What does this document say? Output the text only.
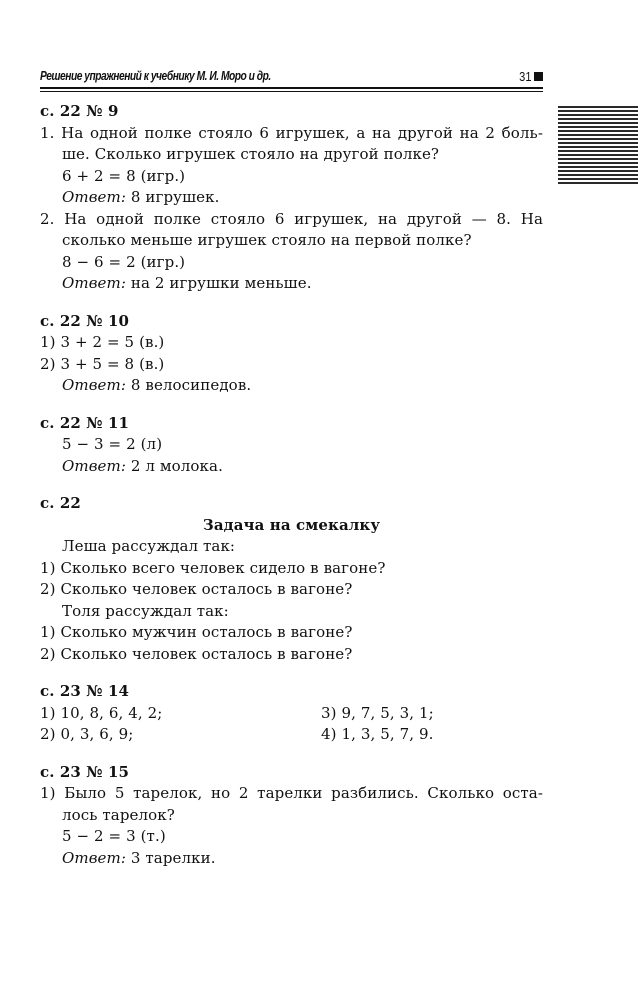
Решение упражнений к учебнику М. И. Моро и др.	31
с. 22 № 9
1. На одной полке стояло 6 игрушек, а на другой на 2 боль-
ше. Сколько игрушек стояло на другой полке?
6 + 2 = 8 (игр.)
Ответ: 8 игрушек.
2. На одной полке стояло 6 игрушек, на другой — 8. На
сколько меньше игрушек стояло на первой полке?
8 − 6 = 2 (игр.)
Ответ: на 2 игрушки меньше.
с. 22 № 10
1) 3 + 2 = 5 (в.)
2) 3 + 5 = 8 (в.)
Ответ: 8 велосипедов.
с. 22 № 11
5 − 3 = 2 (л)
Ответ: 2 л молока.
с. 22
Задача на смекалку
Леша рассуждал так:
1) Сколько всего человек сидело в вагоне?
2) Сколько человек осталось в вагоне?
Толя рассуждал так:
1) Сколько мужчин осталось в вагоне?
2) Сколько человек осталось в вагоне?
с. 23 № 14
1) 10, 8, 6, 4, 2;	3) 9, 7, 5, 3, 1;
2) 0, 3, 6, 9;	4) 1, 3, 5, 7, 9.
с. 23 № 15
1) Было 5 тарелок, но 2 тарелки разбились. Сколько оста-
лось тарелок?
5 − 2 = 3 (т.)
Ответ: 3 тарелки.
